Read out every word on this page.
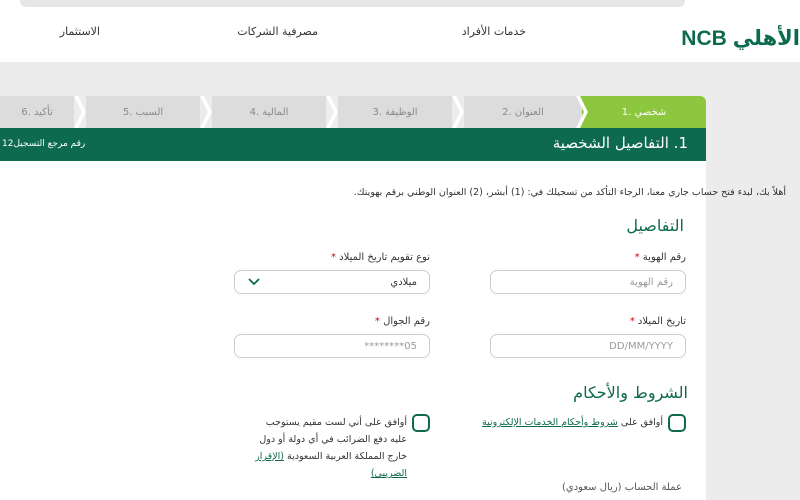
NCB الأهلي
خدمات الأفراد
مصرفية الشركات
الاستثمار
6. تأكيد	5. السبب	4. المالية	3. الوظيفة	2. العنوان	1. شخصي
1. التفاصيل الشخصية
رقم مرجع التسجيل12

أهلاً بك، لبدء فتح حساب جاري معنا، الرجاء التأكد من تسجيلك في: (1) أبشر، (2) العنوان الوطني برقم بهويتك.

التفاصيل
رقم الهوية *
رقم الهوية
نوع تقويم تاريخ الميلاد *
ميلادي
تاريخ الميلاد *
DD/MM/YYYY
رقم الجوال *
05********
الشروط والأحكام
أوافق على شروط وأحكام الخدمات الإلكترونية
أوافق على أني لست مقيم يستوجب عليه دفع الضرائب في أي دولة أو دول خارج المملكة العربية السعودية (الإقرار الضريبي)
عملة الحساب (ريال سعودي)
